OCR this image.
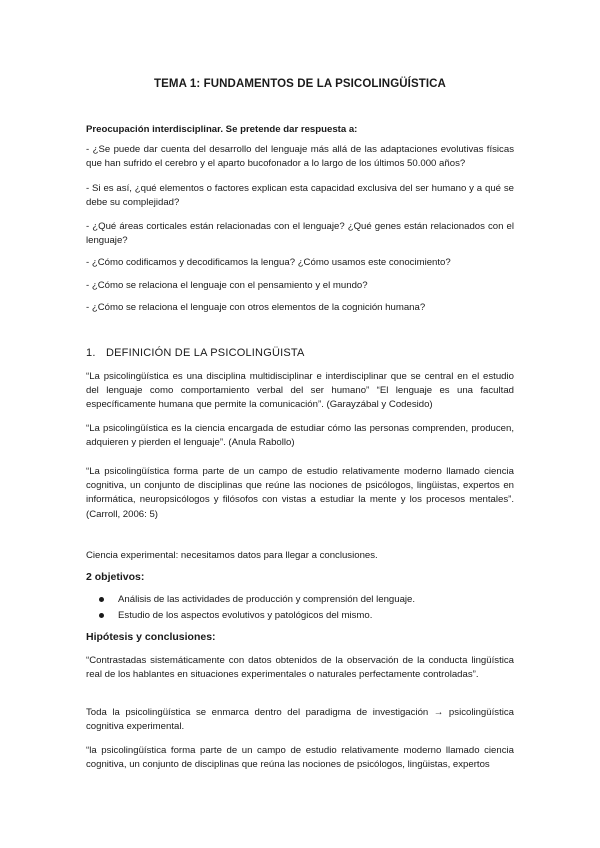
TEMA 1: FUNDAMENTOS DE LA PSICOLINGÜÍSTICA
Preocupación interdisciplinar. Se pretende dar respuesta a:
- ¿Se puede dar cuenta del desarrollo del lenguaje más allá de las adaptaciones evolutivas físicas que han sufrido el cerebro y el aparto bucofonador a lo largo de los últimos 50.000 años?
- Si es así, ¿qué elementos o factores explican esta capacidad exclusiva del ser humano y a qué se debe su complejidad?
- ¿Qué áreas corticales están relacionadas con el lenguaje? ¿Qué genes están relacionados con el lenguaje?
- ¿Cómo codificamos y decodificamos la lengua? ¿Cómo usamos este conocimiento?
- ¿Cómo se relaciona el lenguaje con el pensamiento y el mundo?
- ¿Cómo se relaciona el lenguaje con otros elementos de la cognición humana?
1. DEFINICIÓN DE LA PSICOLINGÜISTA
“La psicolingüística es una disciplina multidisciplinar e interdisciplinar que se central en el estudio del lenguaje como comportamiento verbal del ser humano” “El lenguaje es una facultad específicamente humana que permite la comunicación”. (Garayzábal y Codesido)
“La psicolingüística es la ciencia encargada de estudiar cómo las personas comprenden, producen, adquieren y pierden el lenguaje”. (Anula Rabollo)
“La psicolingüística forma parte de un campo de estudio relativamente moderno llamado ciencia cognitiva, un conjunto de disciplinas que reúne las nociones de psicólogos, lingüistas, expertos en informática, neuropsicólogos y filósofos con vistas a estudiar la mente y los procesos mentales”. (Carroll, 2006: 5)
Ciencia experimental: necesitamos datos para llegar a conclusiones.
2 objetivos:
Análisis de las actividades de producción y comprensión del lenguaje.
Estudio de los aspectos evolutivos y patológicos del mismo.
Hipótesis y conclusiones:
“Contrastadas sistemáticamente con datos obtenidos de la observación de la conducta lingüística real de los hablantes en situaciones experimentales o naturales perfectamente controladas”.
Toda la psicolingüística se enmarca dentro del paradigma de investigación → psicolingüística cognitiva experimental.
“la psicolingüística forma parte de un campo de estudio relativamente moderno llamado ciencia cognitiva, un conjunto de disciplinas que reúna las nociones de psicólogos, lingüistas, expertos
